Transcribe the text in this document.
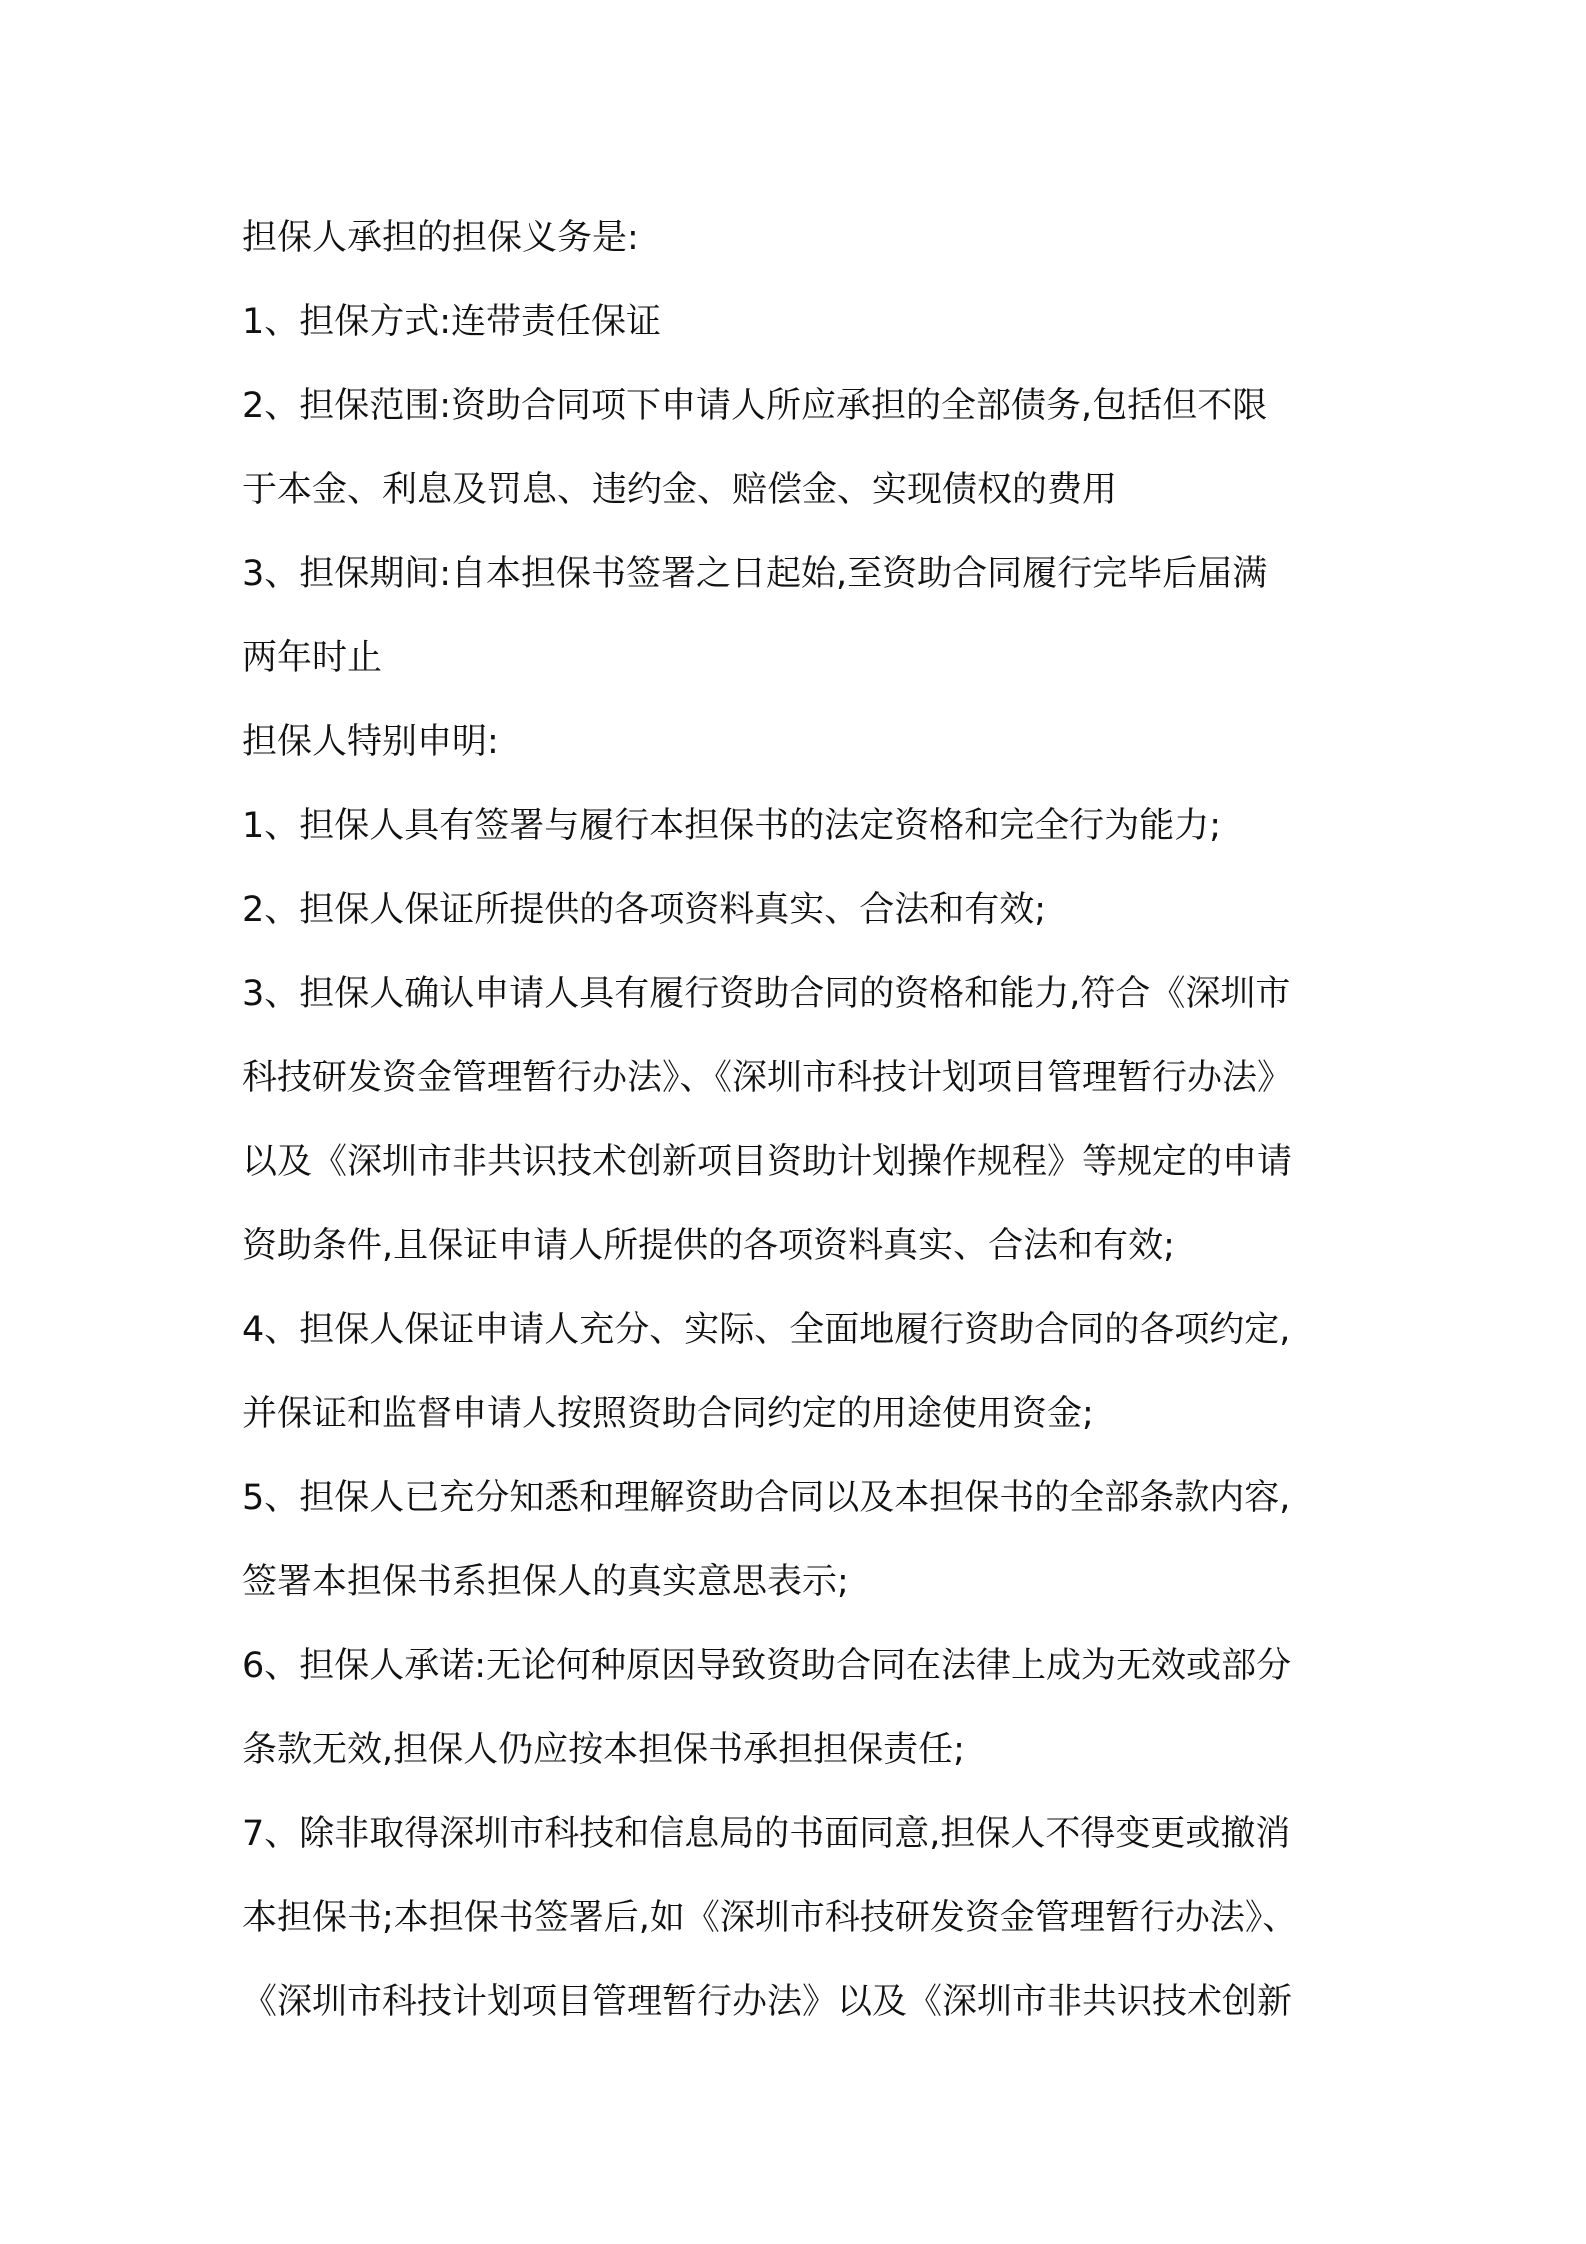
担保人承担的担保义务是:
1、担保方式:连带责任保证
2、担保范围:资助合同项下申请人所应承担的全部债务,包括但不限
于本金、利息及罚息、违约金、赔偿金、实现债权的费用
3、担保期间:自本担保书签署之日起始,至资助合同履行完毕后届满
两年时止
担保人特别申明:
1、担保人具有签署与履行本担保书的法定资格和完全行为能力;
2、担保人保证所提供的各项资料真实、合法和有效;
3、担保人确认申请人具有履行资助合同的资格和能力,符合《深圳市
科技研发资金管理暂行办法》、《深圳市科技计划项目管理暂行办法》
以及《深圳市非共识技术创新项目资助计划操作规程》等规定的申请
资助条件,且保证申请人所提供的各项资料真实、合法和有效;
4、担保人保证申请人充分、实际、全面地履行资助合同的各项约定,
并保证和监督申请人按照资助合同约定的用途使用资金;
5、担保人已充分知悉和理解资助合同以及本担保书的全部条款内容,
签署本担保书系担保人的真实意思表示;
6、担保人承诺:无论何种原因导致资助合同在法律上成为无效或部分
条款无效,担保人仍应按本担保书承担担保责任;
7、除非取得深圳市科技和信息局的书面同意,担保人不得变更或撤消
本担保书;本担保书签署后,如《深圳市科技研发资金管理暂行办法》、
《深圳市科技计划项目管理暂行办法》以及《深圳市非共识技术创新
